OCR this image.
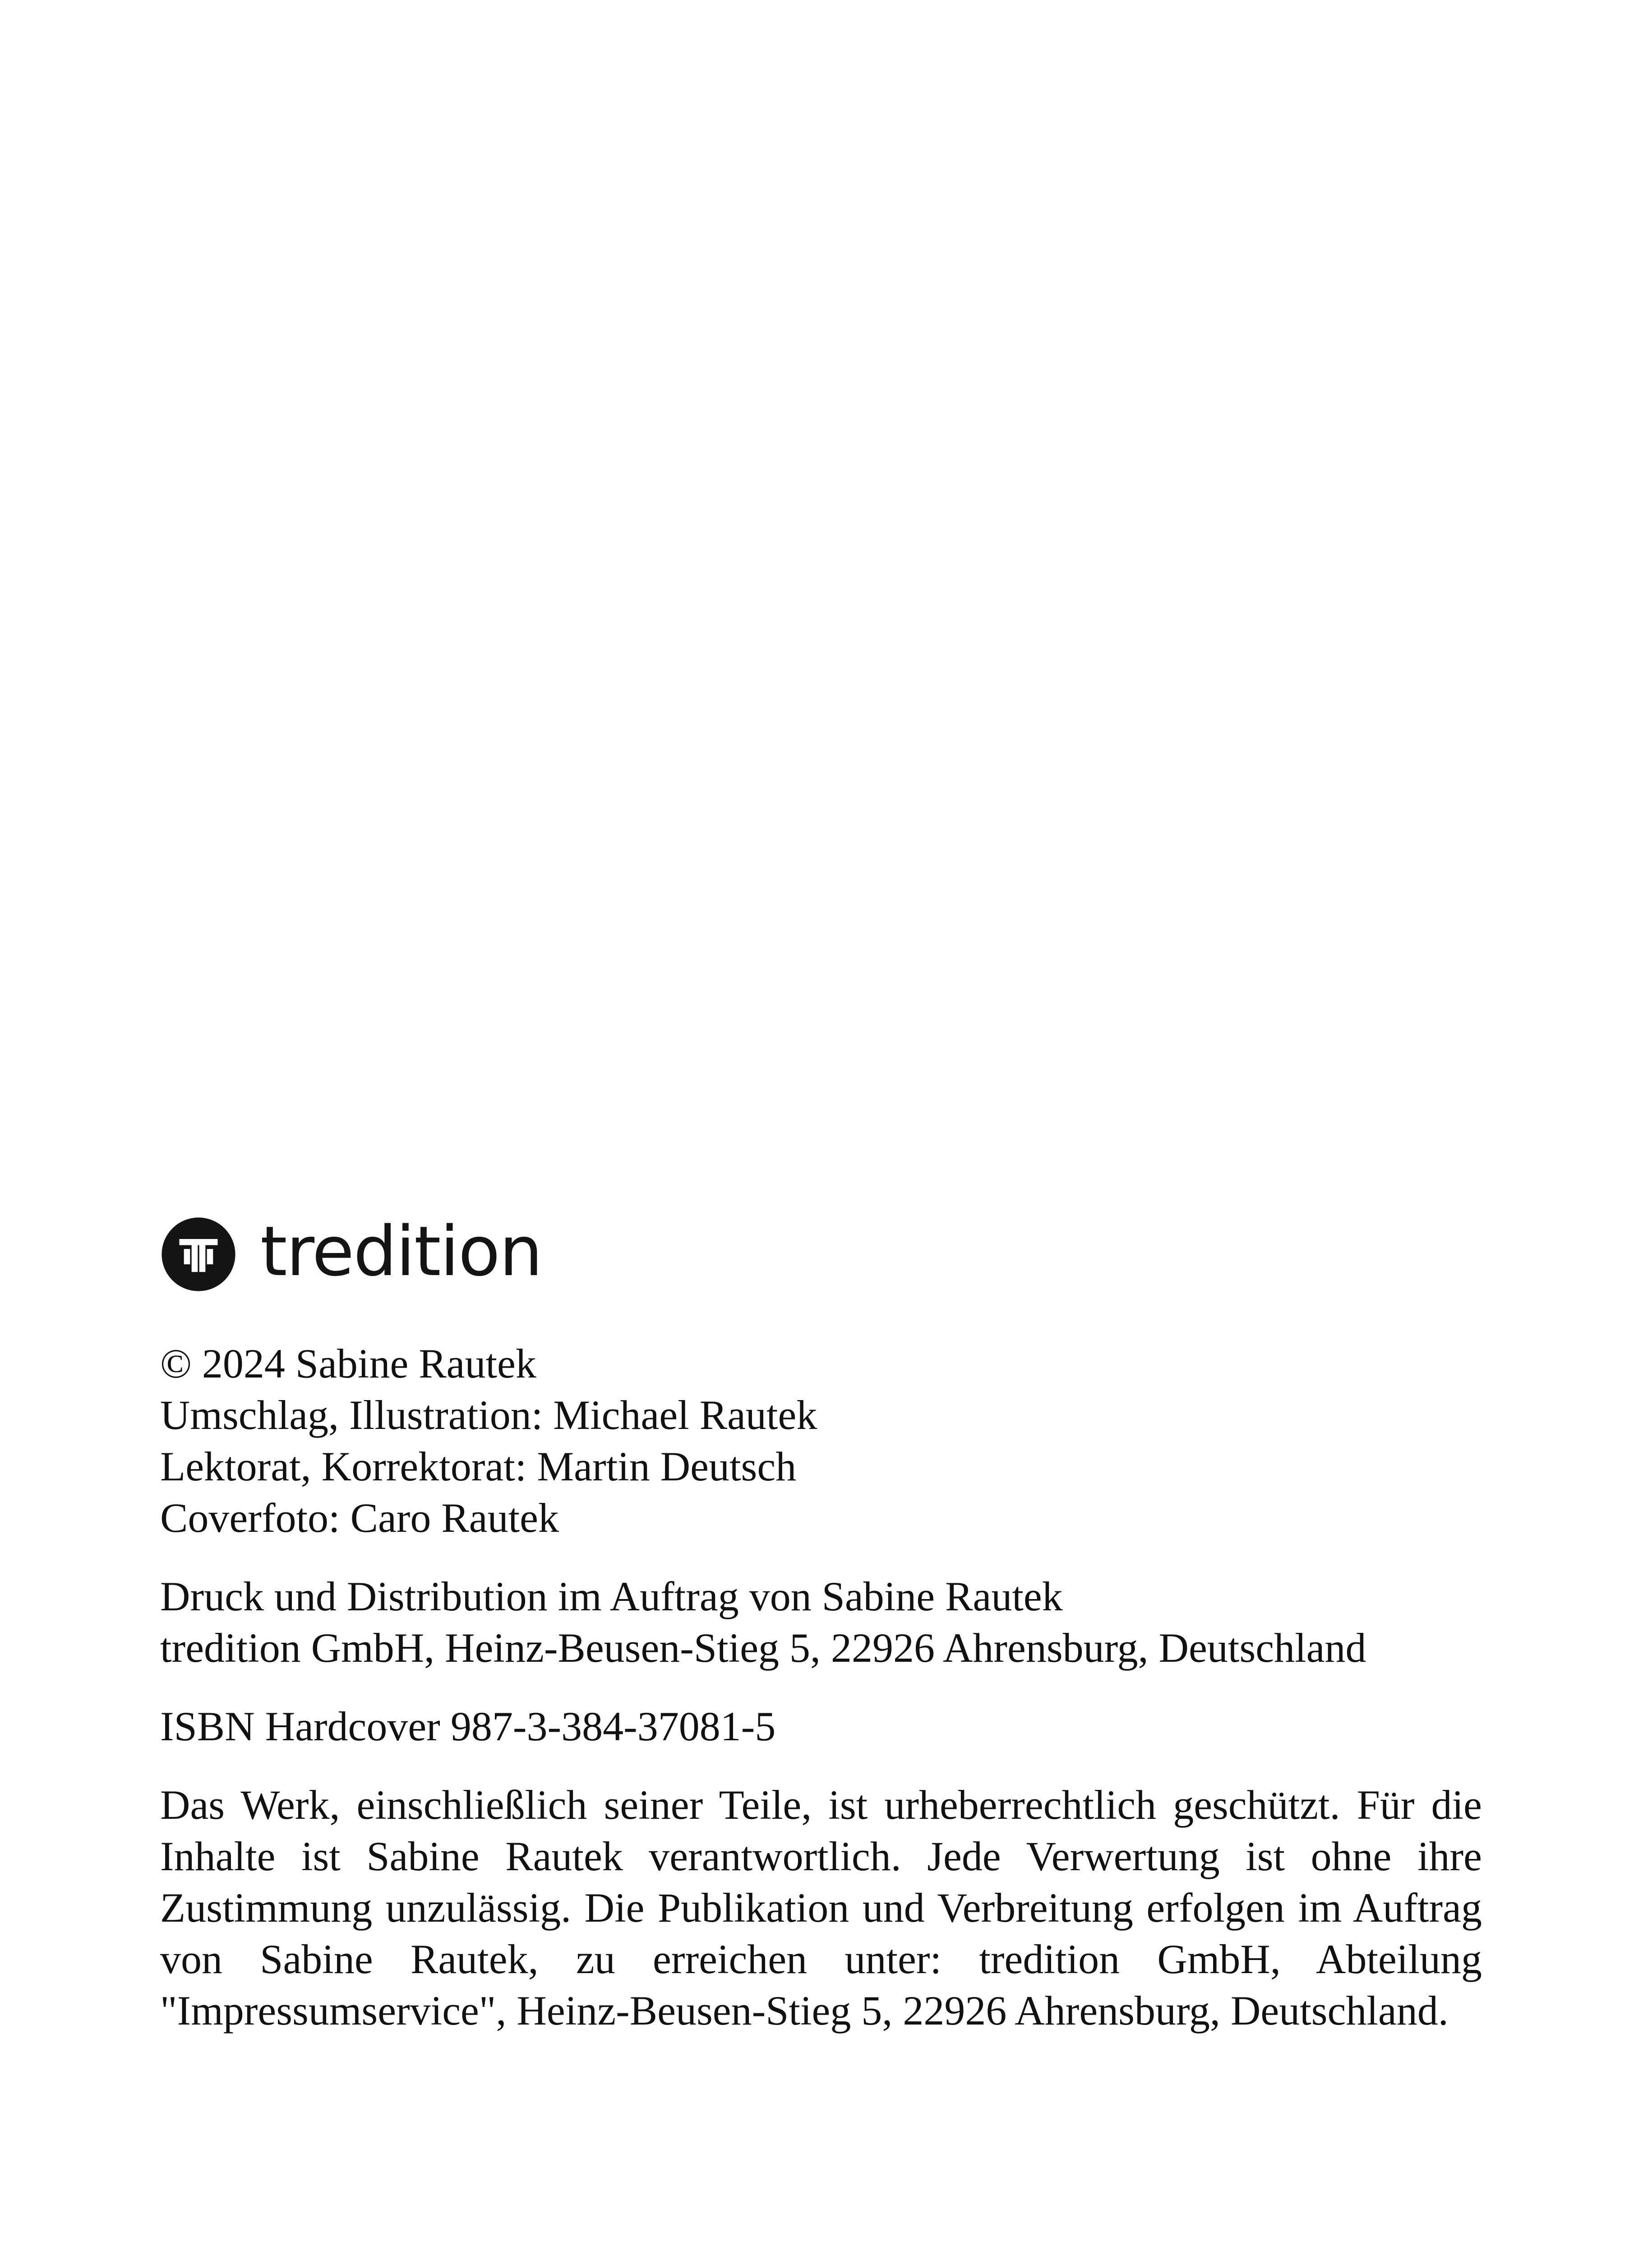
tredition
© 2024 Sabine Rautek
Umschlag, Illustration: Michael Rautek
Lektorat, Korrektorat: Martin Deutsch
Coverfoto: Caro Rautek
Druck und Distribution im Auftrag von Sabine Rautek
tredition GmbH, Heinz-Beusen-Stieg 5, 22926 Ahrensburg, Deutschland
ISBN Hardcover 987-3-384-37081-5

Das Werk, einschließlich seiner Teile, ist urheberrechtlich geschützt. Für die Inhalte ist Sabine Rautek verantwortlich. Jede Verwertung ist ohne ihre Zustimmung unzulässig. Die Publikation und Verbreitung erfolgen im Auftrag von Sabine Rautek, zu erreichen unter: tredition GmbH, Abteilung "Impressumservice", Heinz-Beusen-Stieg 5, 22926 Ahrensburg, Deutschland.
